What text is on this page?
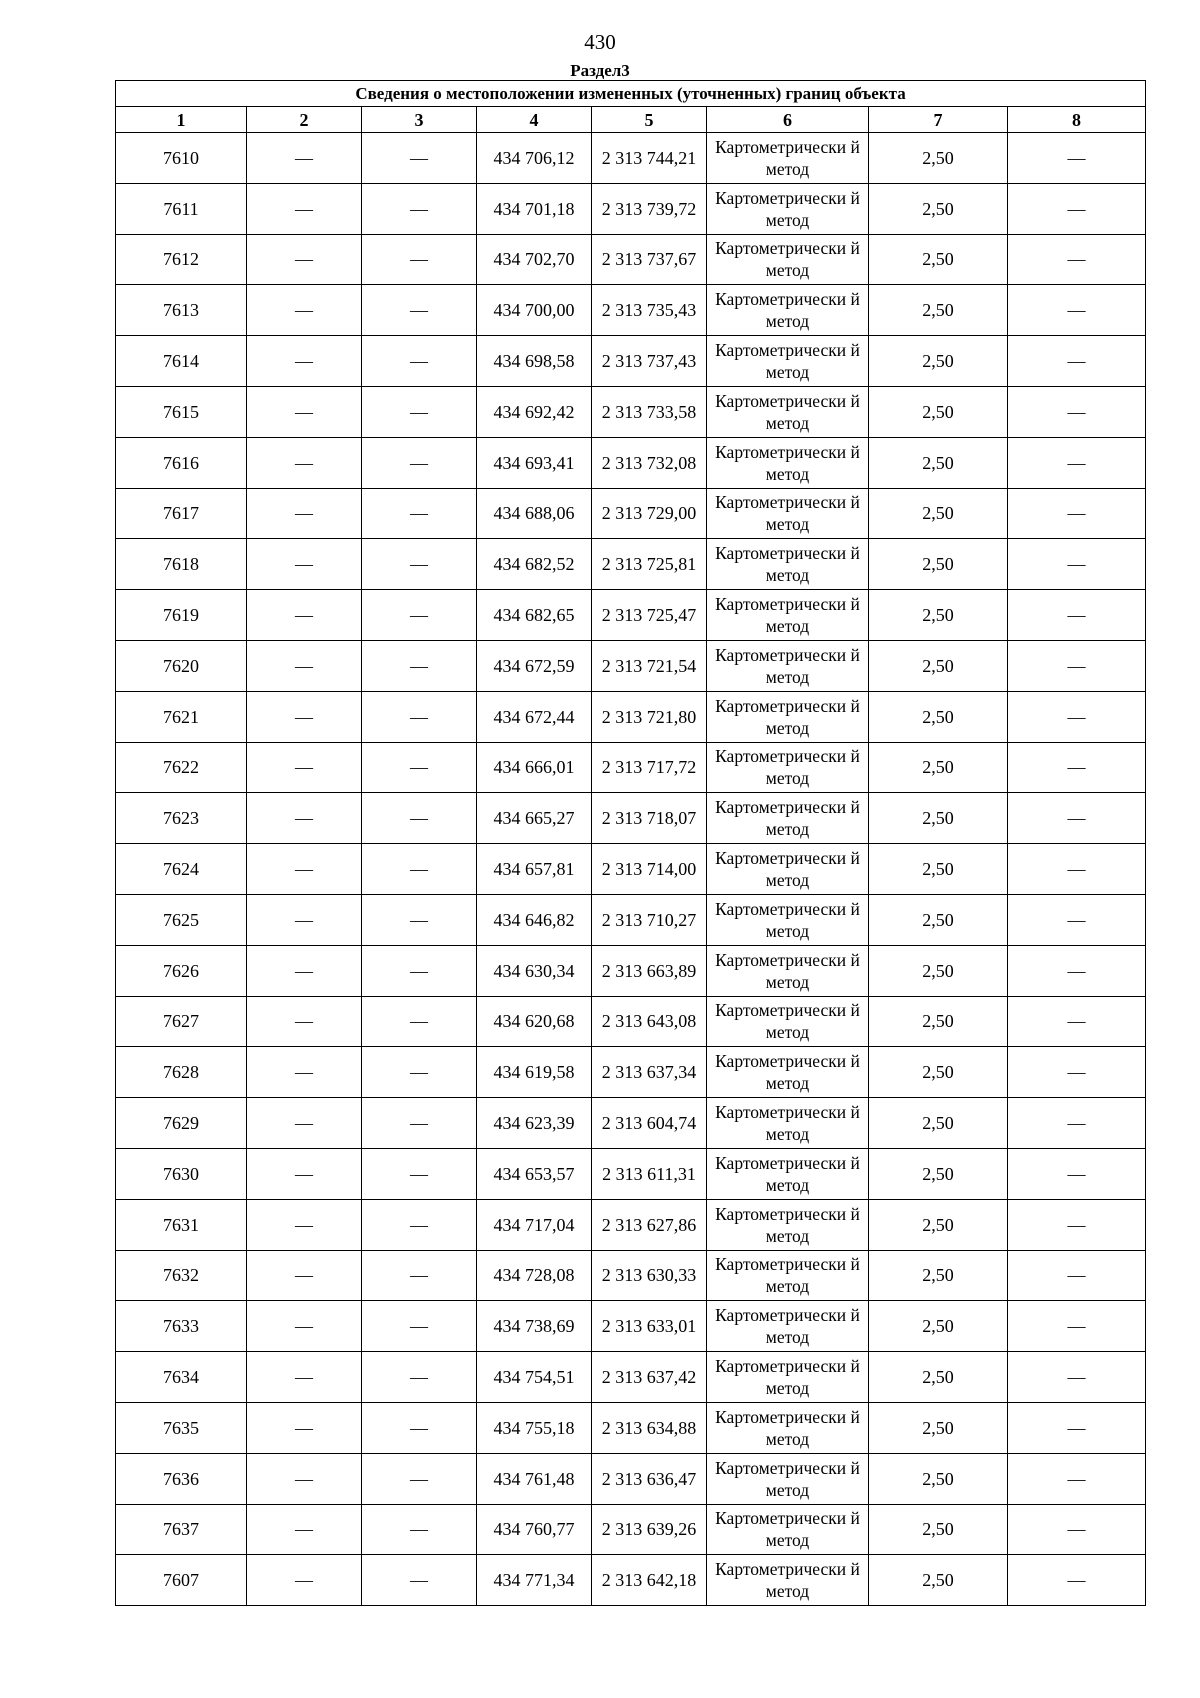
430
Раздел3
Сведения о местоположении измененных (уточненных) границ объекта							
1	2	3	4	5	6	7	8
7610	—	—	434 706,12	2 313 744,21	Картометрически й метод	2,50	—
7611	—	—	434 701,18	2 313 739,72	Картометрически й метод	2,50	—
7612	—	—	434 702,70	2 313 737,67	Картометрически й метод	2,50	—
7613	—	—	434 700,00	2 313 735,43	Картометрически й метод	2,50	—
7614	—	—	434 698,58	2 313 737,43	Картометрически й метод	2,50	—
7615	—	—	434 692,42	2 313 733,58	Картометрически й метод	2,50	—
7616	—	—	434 693,41	2 313 732,08	Картометрически й метод	2,50	—
7617	—	—	434 688,06	2 313 729,00	Картометрически й метод	2,50	—
7618	—	—	434 682,52	2 313 725,81	Картометрически й метод	2,50	—
7619	—	—	434 682,65	2 313 725,47	Картометрически й метод	2,50	—
7620	—	—	434 672,59	2 313 721,54	Картометрически й метод	2,50	—
7621	—	—	434 672,44	2 313 721,80	Картометрически й метод	2,50	—
7622	—	—	434 666,01	2 313 717,72	Картометрически й метод	2,50	—
7623	—	—	434 665,27	2 313 718,07	Картометрически й метод	2,50	—
7624	—	—	434 657,81	2 313 714,00	Картометрически й метод	2,50	—
7625	—	—	434 646,82	2 313 710,27	Картометрически й метод	2,50	—
7626	—	—	434 630,34	2 313 663,89	Картометрически й метод	2,50	—
7627	—	—	434 620,68	2 313 643,08	Картометрически й метод	2,50	—
7628	—	—	434 619,58	2 313 637,34	Картометрически й метод	2,50	—
7629	—	—	434 623,39	2 313 604,74	Картометрически й метод	2,50	—
7630	—	—	434 653,57	2 313 611,31	Картометрически й метод	2,50	—
7631	—	—	434 717,04	2 313 627,86	Картометрически й метод	2,50	—
7632	—	—	434 728,08	2 313 630,33	Картометрически й метод	2,50	—
7633	—	—	434 738,69	2 313 633,01	Картометрически й метод	2,50	—
7634	—	—	434 754,51	2 313 637,42	Картометрически й метод	2,50	—
7635	—	—	434 755,18	2 313 634,88	Картометрически й метод	2,50	—
7636	—	—	434 761,48	2 313 636,47	Картометрически й метод	2,50	—
7637	—	—	434 760,77	2 313 639,26	Картометрически й метод	2,50	—
7607	—	—	434 771,34	2 313 642,18	Картометрически й метод	2,50	—
